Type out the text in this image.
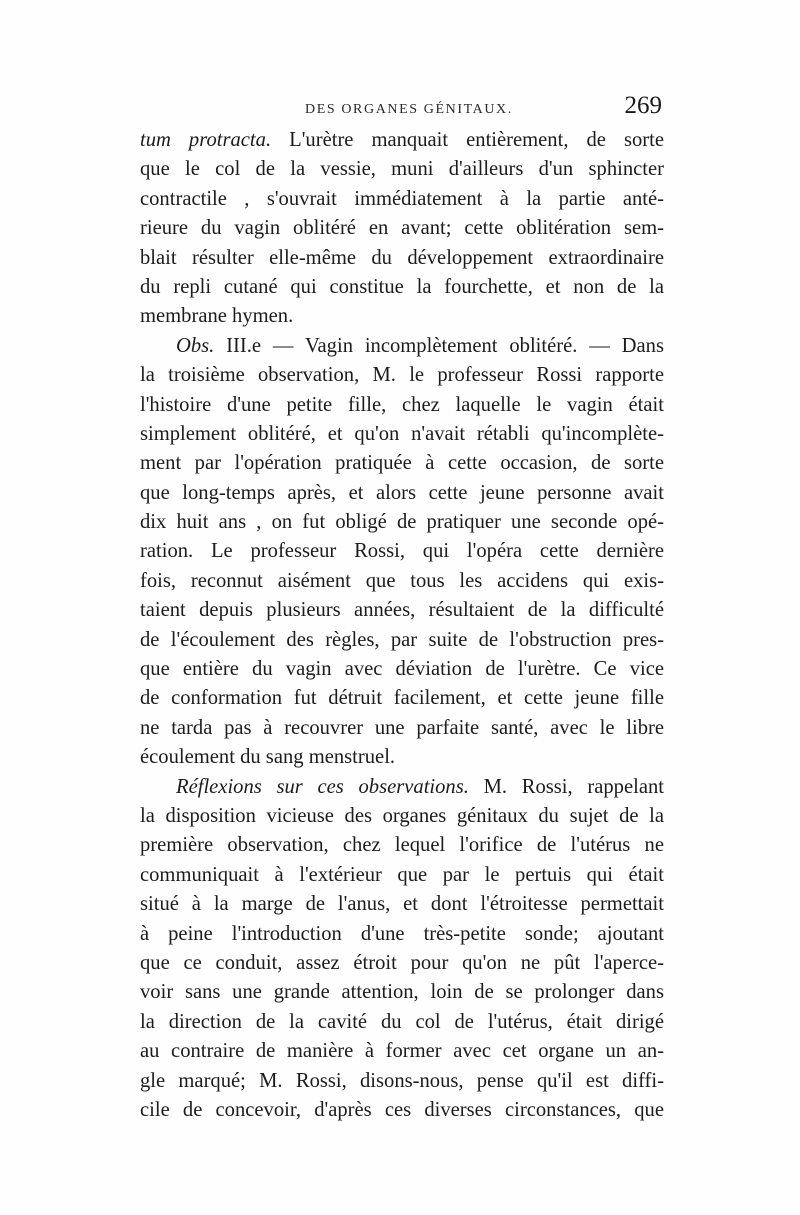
DES ORGANES GÉNITAUX.	269
tum protracta. L'urètre manquait entièrement, de sorte
que le col de la vessie, muni d'ailleurs d'un sphincter
contractile , s'ouvrait immédiatement à la partie anté-
rieure du vagin oblitéré en avant; cette oblitération sem-
blait résulter elle-même du développement extraordinaire
du repli cutané qui constitue la fourchette, et non de la
membrane hymen.
Obs. III.e — Vagin incomplètement oblitéré. — Dans
la troisième observation, M. le professeur Rossi rapporte
l'histoire d'une petite fille, chez laquelle le vagin était
simplement oblitéré, et qu'on n'avait rétabli qu'incomplète-
ment par l'opération pratiquée à cette occasion, de sorte
que long-temps après, et alors cette jeune personne avait
dix huit ans , on fut obligé de pratiquer une seconde opé-
ration. Le professeur Rossi, qui l'opéra cette dernière
fois, reconnut aisément que tous les accidens qui exis-
taient depuis plusieurs années, résultaient de la difficulté
de l'écoulement des règles, par suite de l'obstruction pres-
que entière du vagin avec déviation de l'urètre. Ce vice
de conformation fut détruit facilement, et cette jeune fille
ne tarda pas à recouvrer une parfaite santé, avec le libre
écoulement du sang menstruel.
Réflexions sur ces observations. M. Rossi, rappelant
la disposition vicieuse des organes génitaux du sujet de la
première observation, chez lequel l'orifice de l'utérus ne
communiquait à l'extérieur que par le pertuis qui était
situé à la marge de l'anus, et dont l'étroitesse permettait
à peine l'introduction d'une très-petite sonde; ajoutant
que ce conduit, assez étroit pour qu'on ne pût l'aperce-
voir sans une grande attention, loin de se prolonger dans
la direction de la cavité du col de l'utérus, était dirigé
au contraire de manière à former avec cet organe un an-
gle marqué; M. Rossi, disons-nous, pense qu'il est diffi-
cile de concevoir, d'après ces diverses circonstances, que
